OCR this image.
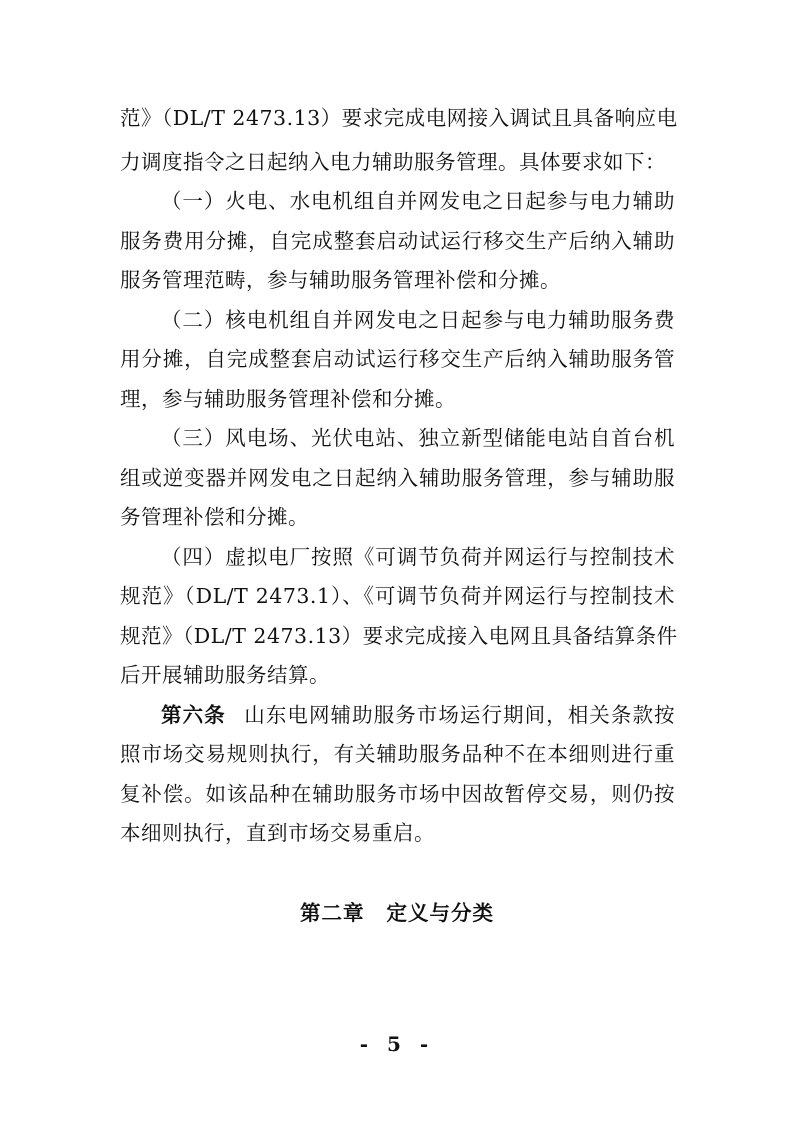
范》（DL/T 2473.13）要求完成电网接入调试且具备响应电
力调度指令之日起纳入电力辅助服务管理。具体要求如下：
（一）火电、水电机组自并网发电之日起参与电力辅助
服务费用分摊，自完成整套启动试运行移交生产后纳入辅助
服务管理范畴，参与辅助服务管理补偿和分摊。
（二）核电机组自并网发电之日起参与电力辅助服务费
用分摊，自完成整套启动试运行移交生产后纳入辅助服务管
理，参与辅助服务管理补偿和分摊。
（三）风电场、光伏电站、独立新型储能电站自首台机
组或逆变器并网发电之日起纳入辅助服务管理，参与辅助服
务管理补偿和分摊。
（四）虚拟电厂按照《可调节负荷并网运行与控制技术
规范》（DL/T 2473.1）、《可调节负荷并网运行与控制技术
规范》（DL/T 2473.13）要求完成接入电网且具备结算条件
后开展辅助服务结算。
第六条 山东电网辅助服务市场运行期间，相关条款按
照市场交易规则执行，有关辅助服务品种不在本细则进行重
复补偿。如该品种在辅助服务市场中因故暂停交易，则仍按
本细则执行，直到市场交易重启。
第二章 定义与分类
- 5 -
